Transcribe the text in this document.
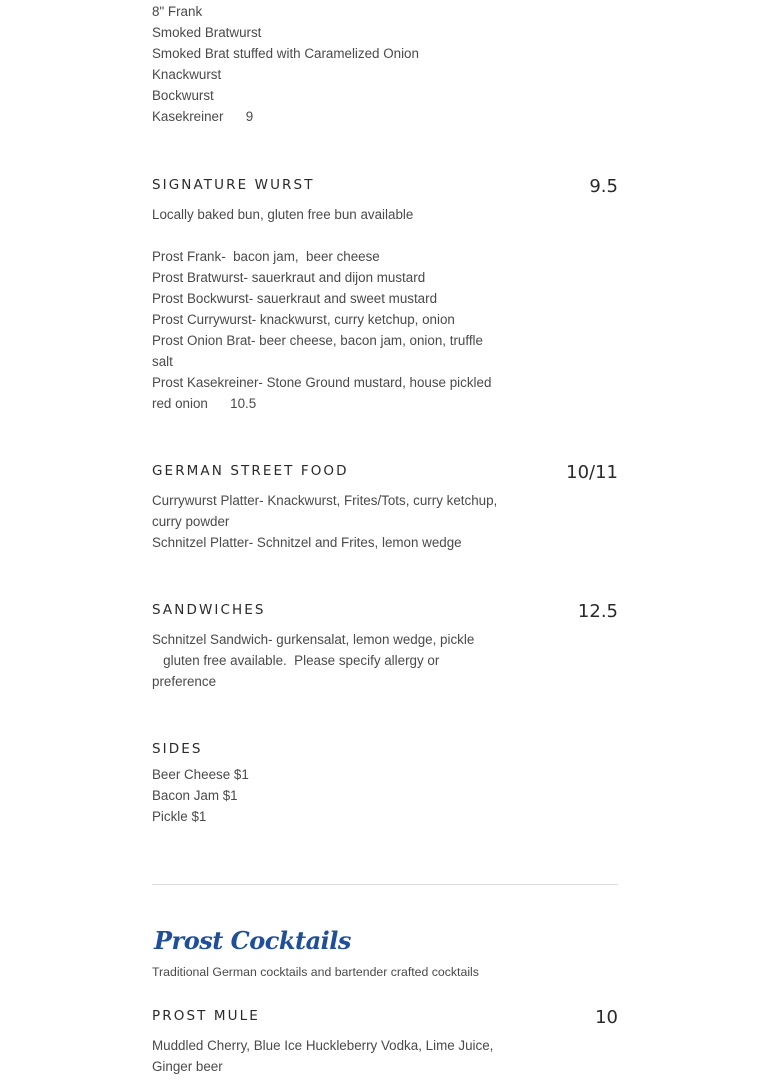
8" Frank
Smoked Bratwurst
Smoked Brat stuffed with Caramelized Onion
Knackwurst
Bockwurst
Kasekreiner      9
SIGNATURE WURST	9.5
Locally baked bun, gluten free bun available

Prost Frank-  bacon jam,  beer cheese
Prost Bratwurst- sauerkraut and dijon mustard
Prost Bockwurst- sauerkraut and sweet mustard
Prost Currywurst- knackwurst, curry ketchup, onion
Prost Onion Brat- beer cheese, bacon jam, onion, truffle
salt
Prost Kasekreiner- Stone Ground mustard, house pickled
red onion      10.5
GERMAN STREET FOOD	10/11
Currywurst Platter- Knackwurst, Frites/Tots, curry ketchup,
curry powder
Schnitzel Platter- Schnitzel and Frites, lemon wedge
SANDWICHES	12.5
Schnitzel Sandwich- gurkensalat, lemon wedge, pickle
gluten free available.  Please specify allergy or
preference
SIDES
Beer Cheese $1
Bacon Jam $1
Pickle $1
PROST MULE	10
Muddled Cherry, Blue Ice Huckleberry Vodka, Lime Juice,
Ginger beer
Prost Cocktails
Traditional German cocktails and bartender crafted cocktails
